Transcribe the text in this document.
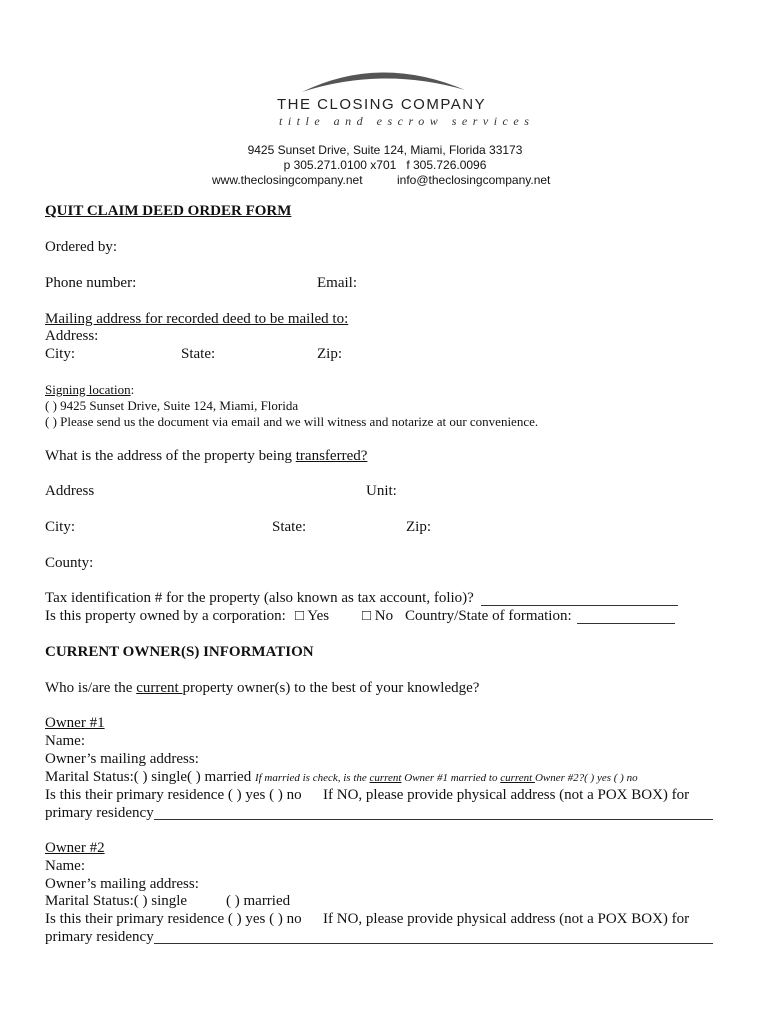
THE CLOSING COMPANY
title and escrow services
9425 Sunset Drive, Suite 124, Miami, Florida 33173
p 305.271.0100 x701   f 305.726.0096
www.theclosingcompany.net	info@theclosingcompany.net
QUIT CLAIM DEED ORDER FORM
Ordered by:
Phone number:	Email:
Mailing address for recorded deed to be mailed to:
Address:
City:	State:	Zip:
Signing location:
( ) 9425 Sunset Drive, Suite 124, Miami, Florida
( ) Please send us the document via email and we will witness and notarize at our convenience.
What is the address of the property being transferred?
Address	Unit:
City:	State:	Zip:
County:
Tax identification # for the property (also known as tax account, folio)?
Is this property owned by a corporation: □ Yes □ No Country/State of formation:
CURRENT OWNER(S) INFORMATION
Who is/are the current property owner(s) to the best of your knowledge?
Owner #1
Name:
Owner’s mailing address:
Marital Status:( ) single( ) married If married is check, is the current Owner #1 married to current Owner #2?( ) yes ( ) no
Is this their primary residence ( ) yes ( ) no If NO, please provide physical address (not a POX BOX) for
primary residency
Owner #2
Name:
Owner’s mailing address:
Marital Status:( ) single	( ) married
Is this their primary residence ( ) yes ( ) no If NO, please provide physical address (not a POX BOX) for
primary residency
